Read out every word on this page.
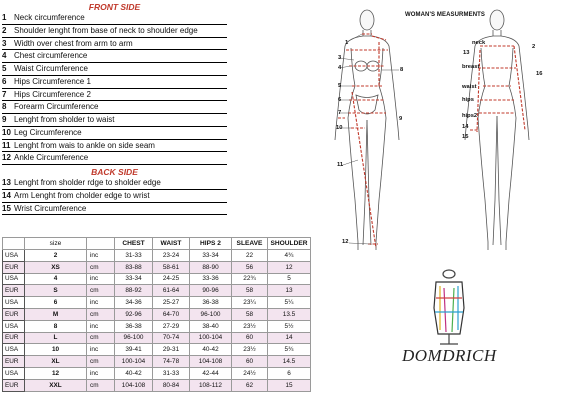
FRONT SIDE
1 Neck circumference
2 Shoulder lenght from base of neck to shoulder edge
3 Width over chest from arm to arm
4 Chest circumference
5 Waist Circumference
6 Hips Circumference 1
7 Hips Circumference 2
8 Forearm Circumference
9 Lenght from sholder to waist
10 Leg Circumference
11 Lenght from wais to ankle on side seam
12 Ankle Circumference
BACK SIDE
13 Lenght from sholder rdge to sholder edge
14 Arm Lenght from cholder edge to wrist
15 Wrist Circumference
	size		CHEST	WAIST	HIPS 2	SLEAVE	SHOULDER
USA	2	inc	31-33	23-24	33-34	22	4¾
EUR	XS	cm	83-88	58-61	88-90	56	12
USA	4	inc	33-34	24-25	33-36	22¾	5
EUR	S	cm	88-92	61-64	90-96	58	13
USA	6	inc	34-36	25-27	36-38	23¼	5¼
EUR	M	cm	92-96	64-70	96-100	58	13.5
USA	8	inc	36-38	27-29	38-40	23½	5½
EUR	L	cm	96-100	70-74	100-104	60	14
USA	10	inc	39-41	29-31	40-42	23½	5¾
EUR	XL	cm	100-104	74-78	104-108	60	14.5
USA	12	inc	40-42	31-33	42-44	24½	6
EUR	XXL	cm	104-108	80-84	108-112	62	15
WOMAN'S MEASURMENTS
1
3
4
5
6
7
8
9
10
11
12
neck
2
13
breast
16
waist
hips
hips2
14
15
DOMDRICH
